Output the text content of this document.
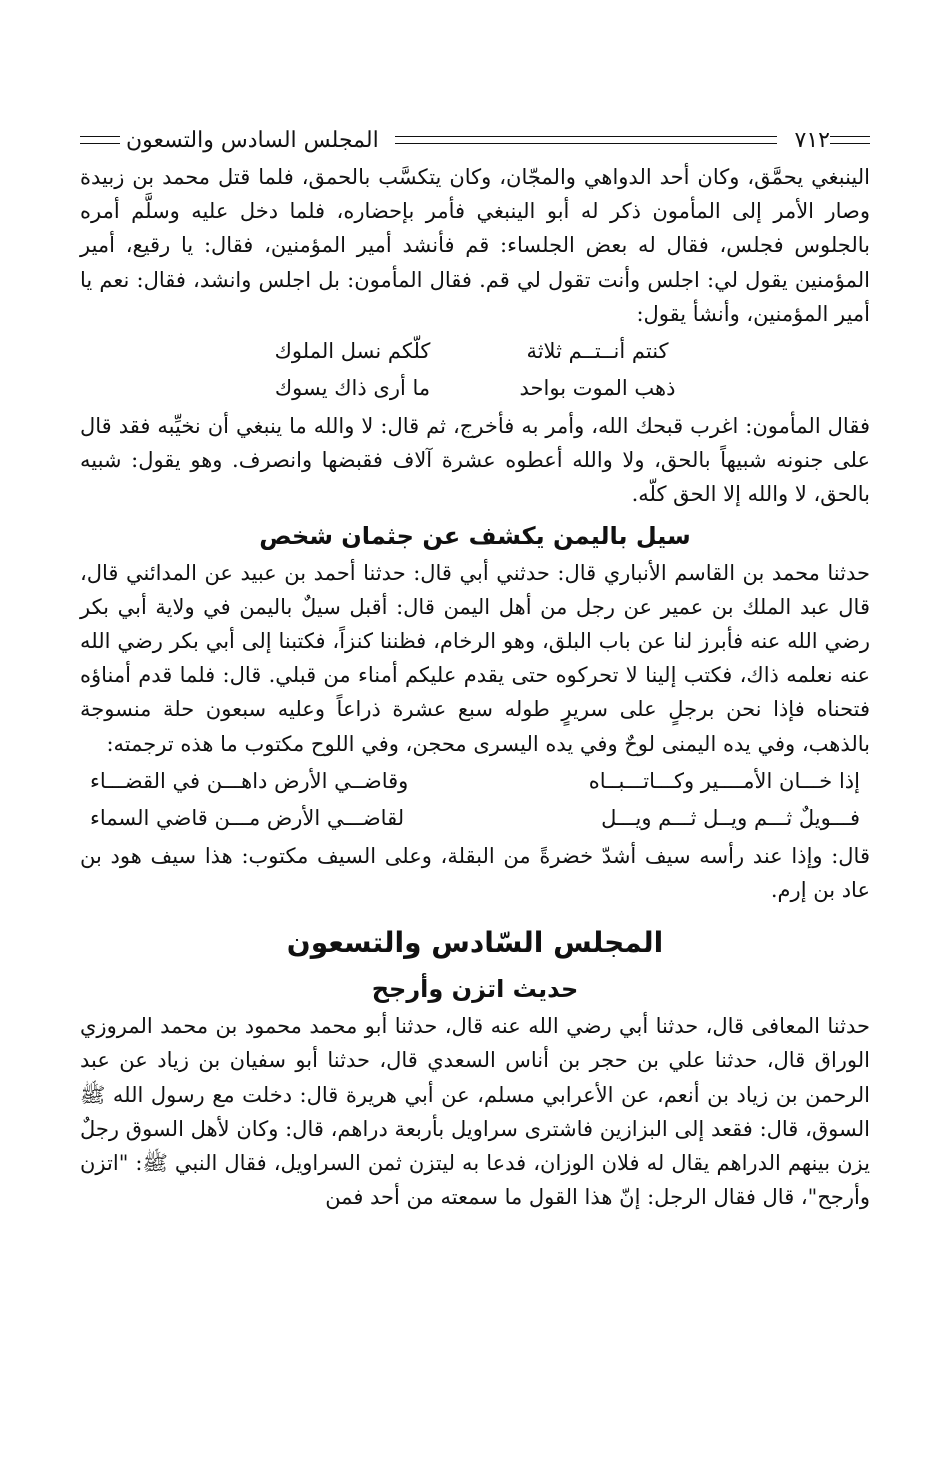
٧١٢
المجلس السادس والتسعون

الينبغي يحمَّق، وكان أحد الدواهي والمجّان، وكان يتكسَّب بالحمق، فلما قتل محمد بن زبيدة وصار الأمر إلى المأمون ذكر له أبو الينبغي فأمر بإحضاره، فلما دخل عليه وسلَّم أمره بالجلوس فجلس، فقال له بعض الجلساء: قم فأنشد أمير المؤمنين، فقال: يا رقيع، أمير المؤمنين يقول لي: اجلس وأنت تقول لي قم. فقال المأمون: بل اجلس وانشد، فقال: نعم يا أمير المؤمنين، وأنشأ يقول:

كنتم أنــتــم ثلاثة
كلّكم نسل الملوك
ذهب الموت بواحد
ما أرى ذاك يسوك

فقال المأمون: اغرب قبحك الله، وأمر به فأخرج، ثم قال: لا والله ما ينبغي أن نخيِّبه فقد قال على جنونه شبيهاً بالحق، ولا والله أعطوه عشرة آلاف فقبضها وانصرف. وهو يقول: شبيه بالحق، لا والله إلا الحق كلّه.

سيل باليمن يكشف عن جثمان شخص

حدثنا محمد بن القاسم الأنباري قال: حدثني أبي قال: حدثنا أحمد بن عبيد عن المدائني قال، قال عبد الملك بن عمير عن رجل من أهل اليمن قال: أقبل سيلٌ باليمن في ولاية أبي بكر رضي الله عنه فأبرز لنا عن باب البلق، وهو الرخام، فظننا كنزاً، فكتبنا إلى أبي بكر رضي الله عنه نعلمه ذاك، فكتب إلينا لا تحركوه حتى يقدم عليكم أمناء من قبلي. قال: فلما قدم أمناؤه فتحناه فإذا نحن برجلٍ على سريرٍ طوله سبع عشرة ذراعاً وعليه سبعون حلة منسوجة بالذهب، وفي يده اليمنى لوحٌ وفي يده اليسرى محجن، وفي اللوح مكتوب ما هذه ترجمته:

إذا خـــان الأمــــير وكـــاتـــبــاه
وقاضــي الأرض داهـــن في القضـــاء
فـــويلٌ ثـــم ويــل ثـــم ويـــل
لقاضـــي الأرض مـــن قاضي السماء

قال: وإذا عند رأسه سيف أشدّ خضرةً من البقلة، وعلى السيف مكتوب: هذا سيف هود بن عاد بن إرم.

المجلس السّادس والتسعون
حديث اتزن وأرجح

حدثنا المعافى قال، حدثنا أبي رضي الله عنه قال، حدثنا أبو محمد محمود بن محمد المروزي الوراق قال، حدثنا علي بن حجر بن أناس السعدي قال، حدثنا أبو سفيان بن زياد عن عبد الرحمن بن زياد بن أنعم، عن الأعرابي مسلم، عن أبي هريرة قال: دخلت مع رسول الله ﷺ السوق، قال: فقعد إلى البزازين فاشترى سراويل بأربعة دراهم، قال: وكان لأهل السوق رجلٌ يزن بينهم الدراهم يقال له فلان الوزان، فدعا به ليتزن ثمن السراويل، فقال النبي ﷺ: "اتزن وأرجح"، قال فقال الرجل: إنّ هذا القول ما سمعته من أحد فمن
